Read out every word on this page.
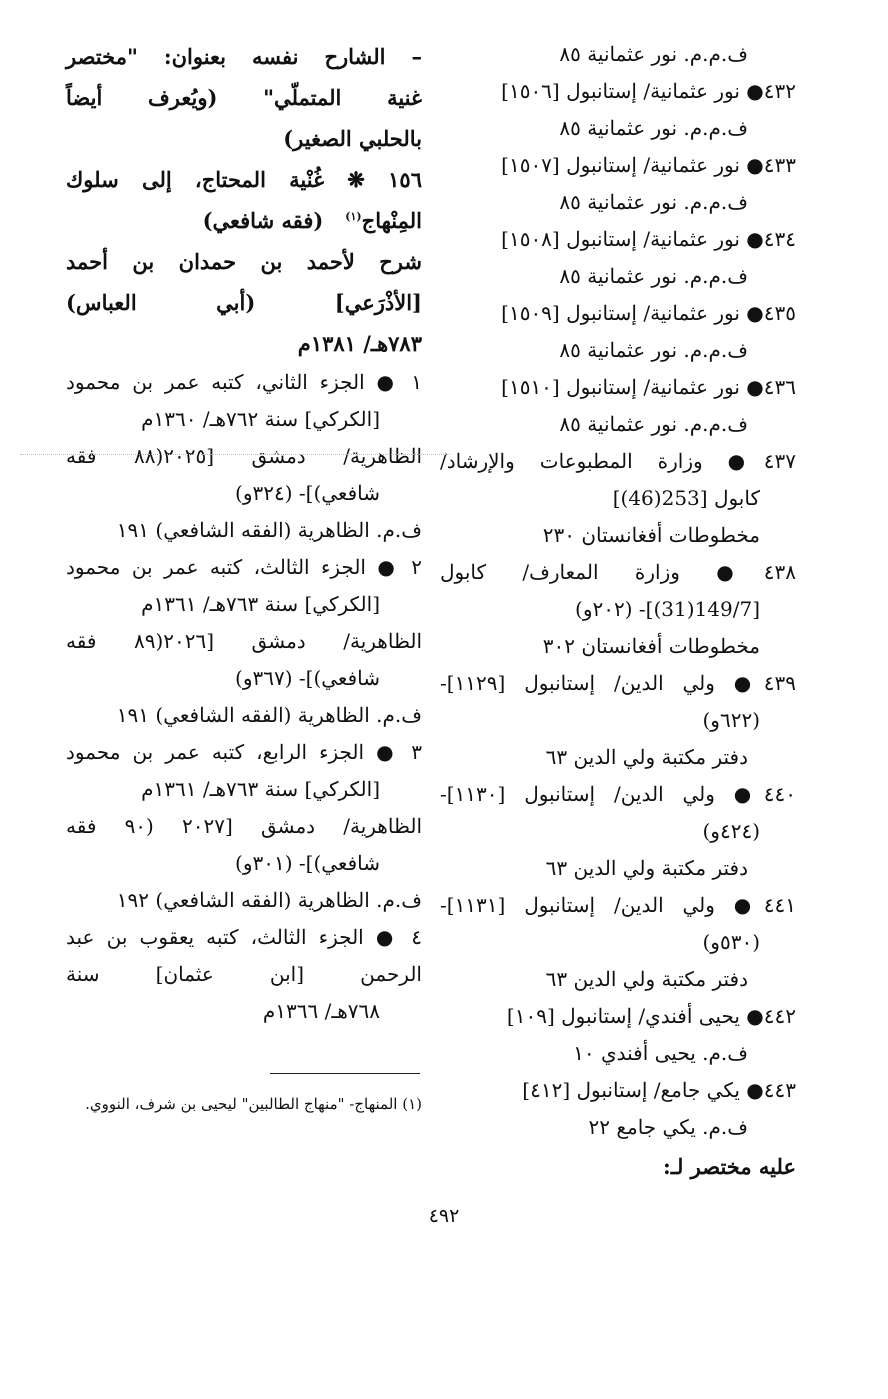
ف.م.م. نور عثمانية ٨٥
٤٣٢● نور عثمانية/ إستانبول [١٥٠٦]
ف.م.م. نور عثمانية ٨٥
٤٣٣● نور عثمانية/ إستانبول [١٥٠٧]
ف.م.م. نور عثمانية ٨٥
٤٣٤● نور عثمانية/ إستانبول [١٥٠٨]
ف.م.م. نور عثمانية ٨٥
٤٣٥● نور عثمانية/ إستانبول [١٥٠٩]
ف.م.م. نور عثمانية ٨٥
٤٣٦● نور عثمانية/ إستانبول [١٥١٠]
ف.م.م. نور عثمانية ٨٥
٤٣٧● وزارة المطبوعات والإرشاد/
كابول [253(46)]
مخطوطات أفغانستان ٢٣٠
٤٣٨● وزارة المعارف/ كابول
[149/7(31)]- (٢٠٢و)
مخطوطات أفغانستان ٣٠٢
٤٣٩● ولي الدين/ إستانبول [١١٢٩]-
(٦٢٢و)
دفتر مكتبة ولي الدين ٦٣
٤٤٠● ولي الدين/ إستانبول [١١٣٠]-
(٤٢٤و)
دفتر مكتبة ولي الدين ٦٣
٤٤١● ولي الدين/ إستانبول [١١٣١]-
(٥٣٠و)
دفتر مكتبة ولي الدين ٦٣
٤٤٢● يحيى أفندي/ إستانبول [١٠٩]
ف.م. يحيى أفندي ١٠
٤٤٣● يكي جامع/ إستانبول [٤١٢]
ف.م. يكي جامع ٢٢
عليه مختصر لـ:
– الشارح نفسه بعنوان: "مختصر
غنية المتملّي" (ويُعرف أيضاً
بالحلبي الصغير)
١٥٦ ❋ غُنْية المحتاج، إلى سلوك
المِنْهاج$^{(١)}$   (فقه شافعي)
شرح لأحمد بن حمدان بن أحمد
[الأذْرَعي] (أبي العباس)
٧٨٣هـ/ ١٣٨١م
١ ● الجزء الثاني، كتبه عمر بن محمود
[الكركي] سنة ٧٦٢هـ/ ١٣٦٠م
الظاهرية/ دمشق [٢٠٢٥(٨٨ فقه
شافعي)]- (٣٢٤و)
ف.م. الظاهرية (الفقه الشافعي) ١٩١
٢ ● الجزء الثالث، كتبه عمر بن محمود
[الكركي] سنة ٧٦٣هـ/ ١٣٦١م
الظاهرية/ دمشق [٢٠٢٦(٨٩ فقه
شافعي)]- (٣٦٧و)
ف.م. الظاهرية (الفقه الشافعي) ١٩١
٣ ● الجزء الرابع، كتبه عمر بن محمود
[الكركي] سنة ٧٦٣هـ/ ١٣٦١م
الظاهرية/ دمشق [٢٠٢٧ (٩٠ فقه
شافعي)]- (٣٠١و)
ف.م. الظاهرية (الفقه الشافعي) ١٩٢
٤ ● الجزء الثالث، كتبه يعقوب بن عبد
الرحمن [ابن عثمان] سنة
٧٦٨هـ/ ١٣٦٦م
(١) المنهاج- "منهاج الطالبين" ليحيى بن شرف، النووي.
٤٩٢
